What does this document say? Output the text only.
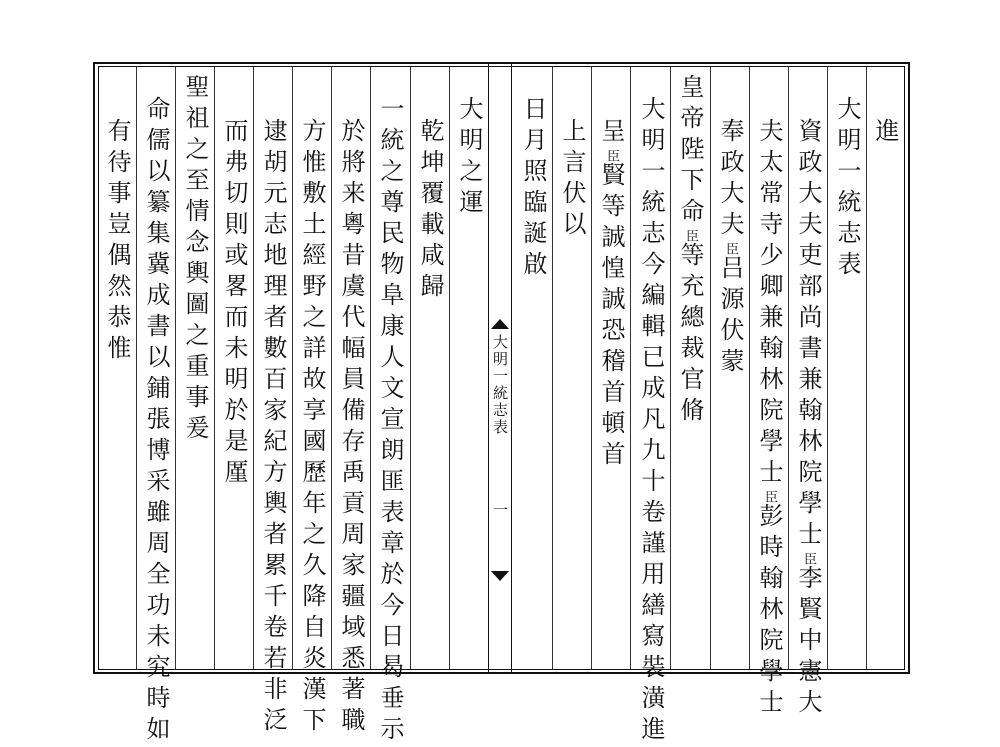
進
大明一統志表
資政大夫吏部尚書兼翰林院學士$^臣$李賢中憲大
夫太常寺少卿兼翰林院學士$^臣$彭時翰林院學士
奉政大夫$^臣$吕源伏蒙
皇帝陛下命$^臣$等充總裁官脩
大明一統志今編輯已成凡九十卷謹用繕寫裝潢進
呈$^臣$賢等誠惶誠恐稽首頓首
上言伏以
日月照臨誕啟
大明一統志表
一
大明之運
乾坤覆載咸歸
一統之尊民物阜康人文宣朗匪表章於今日曷垂示
於將来粵昔虞代幅員備存禹貢周家疆域悉著職
方惟敷土經野之詳故享國歷年之久降自炎漢下
逮胡元志地理者數百家紀方輿者累千卷若非泛
而弗切則或畧而未明於是厪
聖祖之至情念輿圖之重事爰
命儒以纂集冀成書以鋪張博采雖周全功未究時如
有待事豈偶然恭惟
